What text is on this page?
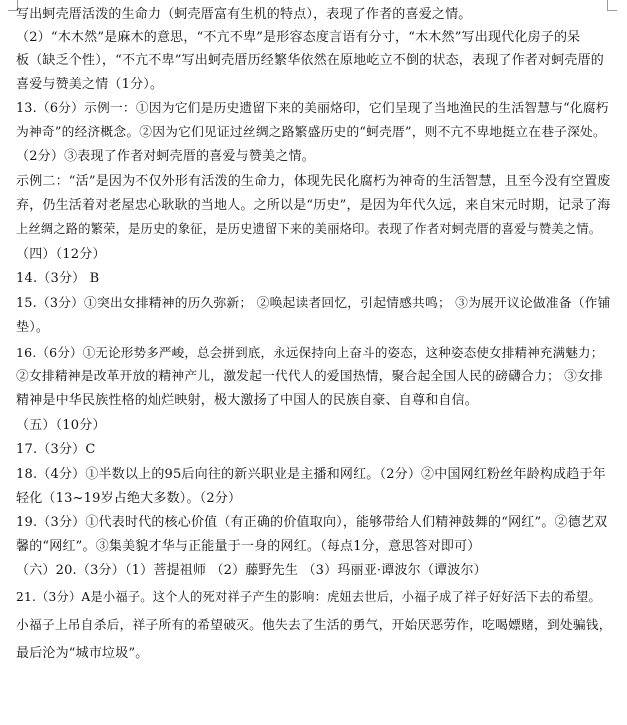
写出蚵壳厝活泼的生命力（蚵壳厝富有生机的特点），表现了作者的喜爱之情。

（2）“木木然”是麻木的意思，“不亢不卑”是形容态度言语有分寸，“木木然”写出现代化房子的呆

板（缺乏个性），“不亢不卑”写出蚵壳厝历经繁华依然在原地屹立不倒的状态，表现了作者对蚵壳厝的

喜爱与赞美之情（1分）。

13.（6分）示例一：①因为它们是历史遗留下来的美丽烙印，它们呈现了当地渔民的生活智慧与“化腐朽

为神奇”的经济概念。②因为它们见证过丝绸之路繁盛历史的“蚵壳厝”，则不亢不卑地挺立在巷子深处。

（2分）③表现了作者对蚵壳厝的喜爱与赞美之情。

示例二：“活”是因为不仅外形有活泼的生命力，体现先民化腐朽为神奇的生活智慧，且至今没有空置废

弃，仍生活着对老屋忠心耿耿的当地人。之所以是“历史”，是因为年代久远，来自宋元时期，记录了海

上丝绸之路的繁荣，是历史的象征，是历史遗留下来的美丽烙印。表现了作者对蚵壳厝的喜爱与赞美之情。

（四）（12分）

14.（3分） B

15.（3分）①突出女排精神的历久弥新； ②唤起读者回忆，引起情感共鸣； ③为展开议论做准备（作铺

垫）。

16.（6分）①无论形势多严峻，总会拼到底，永远保持向上奋斗的姿态，这种姿态使女排精神充满魅力；

②女排精神是改革开放的精神产儿，激发起一代代人的爱国热情，聚合起全国人民的磅礴合力； ③女排

精神是中华民族性格的灿烂映射，极大激扬了中国人的民族自豪、自尊和自信。

（五）（10分）

17.（3分）C

18.（4分）①半数以上的95后向往的新兴职业是主播和网红。（2分）②中国网红粉丝年龄构成趋于年

轻化（13~19岁占绝大多数）。（2分）

19.（3分）①代表时代的核心价值（有正确的价值取向），能够带给人们精神鼓舞的“网红”。②德艺双

馨的“网红”。③集美貌才华与正能量于一身的网红。（每点1分，意思答对即可）

（六）20.（3分）（1）菩提祖师 （2）藤野先生 （3）玛丽亚·谭波尔（谭波尔）

21.（3分）A是小福子。这个人的死对祥子产生的影响：虎妞去世后，小福子成了祥子好好活下去的希望。

小福子上吊自杀后，祥子所有的希望破灭。他失去了生活的勇气，开始厌恶劳作，吃喝嫖赌，到处骗钱，

最后沦为“城市垃圾”。
